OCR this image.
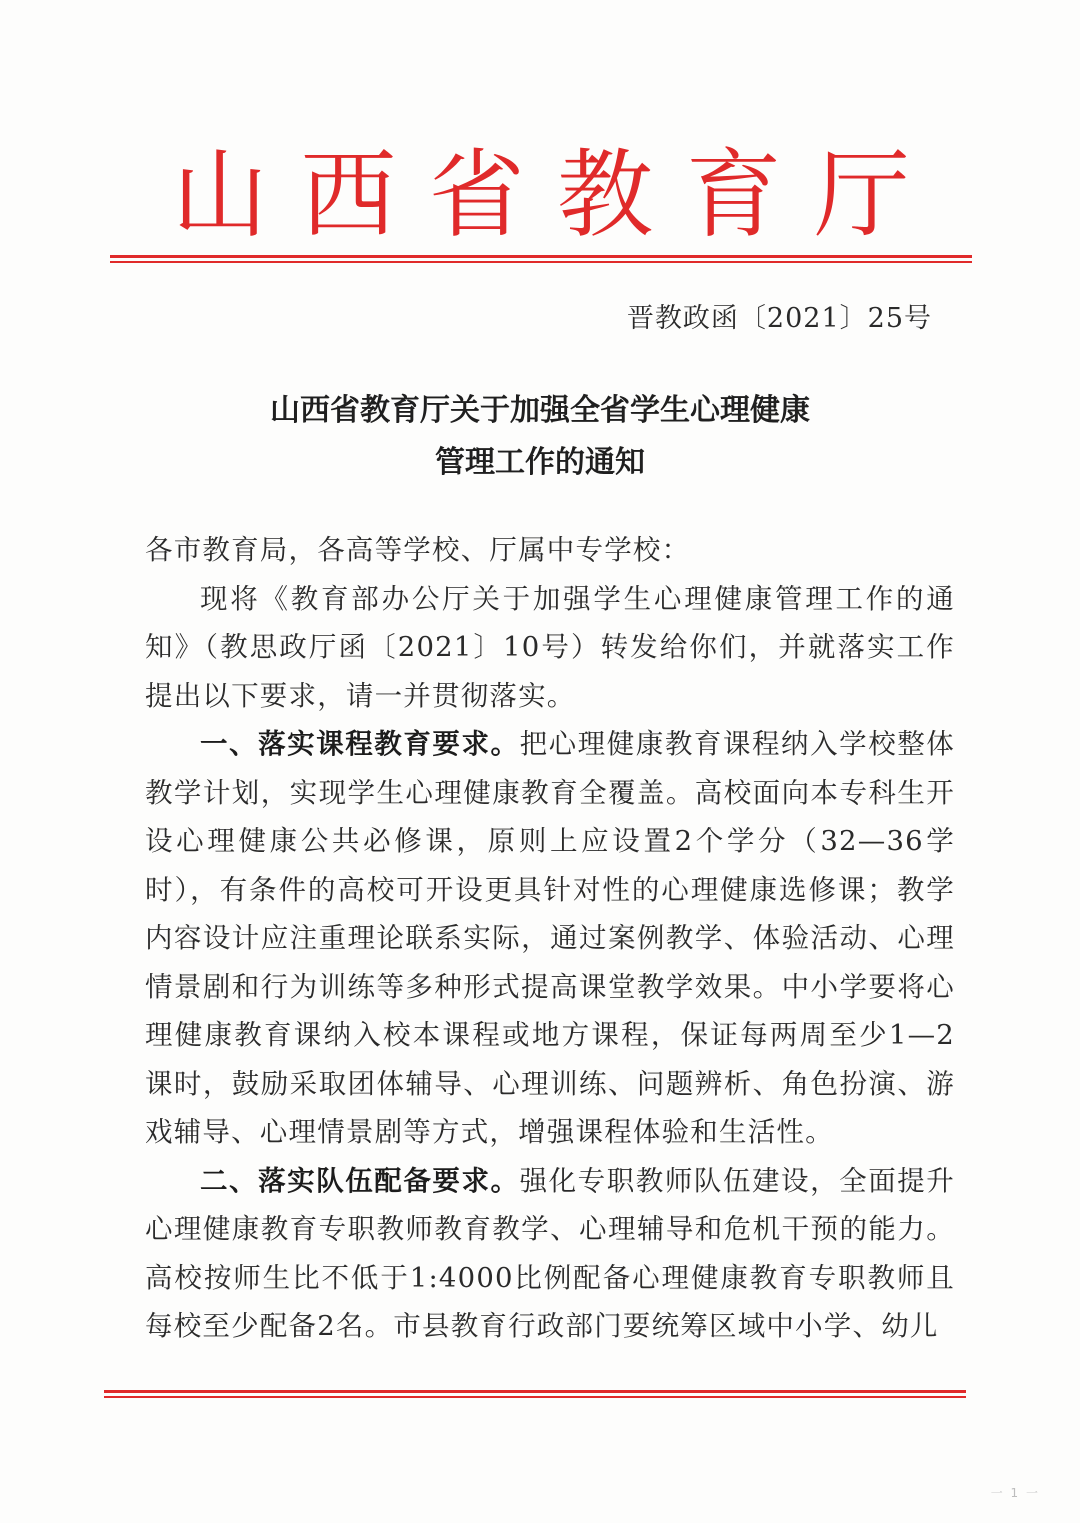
山 西 省 教 育 厅
晋教政函〔2021〕25号
山西省教育厅关于加强全省学生心理健康
管理工作的通知

各市教育局，各高等学校、厅属中专学校：

现将《教育部办公厅关于加强学生心理健康管理工作的通知》（教思政厅函〔2021〕10号）转发给你们，并就落实工作提出以下要求，请一并贯彻落实。

一、落实课程教育要求。把心理健康教育课程纳入学校整体教学计划，实现学生心理健康教育全覆盖。高校面向本专科生开设心理健康公共必修课，原则上应设置2个学分（32—36学时），有条件的高校可开设更具针对性的心理健康选修课；教学内容设计应注重理论联系实际，通过案例教学、体验活动、心理情景剧和行为训练等多种形式提高课堂教学效果。中小学要将心理健康教育课纳入校本课程或地方课程，保证每两周至少1—2课时，鼓励采取团体辅导、心理训练、问题辨析、角色扮演、游戏辅导、心理情景剧等方式，增强课程体验和生活性。

二、落实队伍配备要求。强化专职教师队伍建设，全面提升心理健康教育专职教师教育教学、心理辅导和危机干预的能力。高校按师生比不低于1:4000比例配备心理健康教育专职教师且每校至少配备2名。市县教育行政部门要统筹区域中小学、幼儿

一 1 一
